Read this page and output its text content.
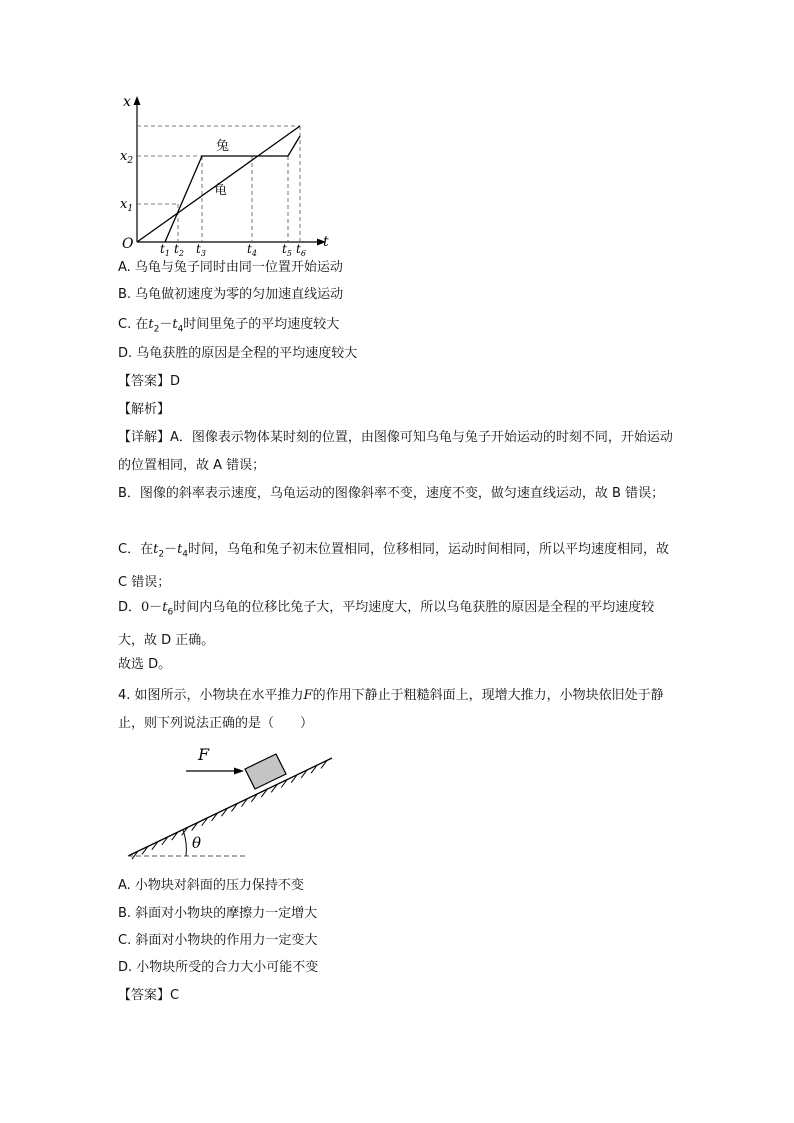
x
t
O
$x_2$
$x_1$
$t_1$ $t_2$ $t_3$	$t_4$ $t_5$ $t_6$
兔
龟
A. 乌龟与兔子同时由同一位置开始运动
B. 乌龟做初速度为零的匀加速直线运动
C. 在$t_2-t_4$时间里兔子的平均速度较大
D. 乌龟获胜的原因是全程的平均速度较大
【答案】D
【解析】
【详解】A．图像表示物体某时刻的位置，由图像可知乌龟与兔子开始运动的时刻不同，开始运动的位置相同，故 A 错误；
B．图像的斜率表示速度，乌龟运动的图像斜率不变，速度不变，做匀速直线运动，故 B 错误；
C．在$t_2-t_4$时间，乌龟和兔子初末位置相同，位移相同，运动时间相同，所以平均速度相同，故 C 错误；
D．$0-t_6$时间内乌龟的位移比兔子大，平均速度大，所以乌龟获胜的原因是全程的平均速度较大，故 D 正确。
故选 D。
4. 如图所示，小物块在水平推力F的作用下静止于粗糙斜面上，现增大推力，小物块依旧处于静止，则下列说法正确的是（　　）
θ
F
A. 小物块对斜面的压力保持不变
B. 斜面对小物块的摩擦力一定增大
C. 斜面对小物块的作用力一定变大
D. 小物块所受的合力大小可能不变
【答案】C
